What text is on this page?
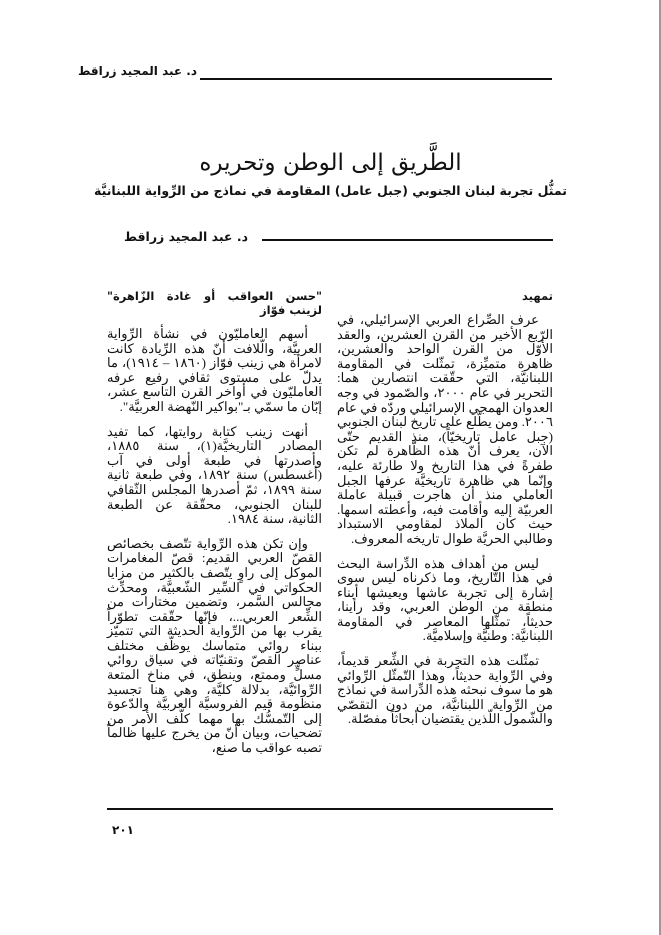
د. عبد المجيد زراقط
الطَّريق إلى الوطن وتحريره
تمثُّل تجربة لبنان الجنوبي (جبل عامل) المقاومة في نماذج من الرِّواية اللبنانيَّة
د. عبد المجيد زراقط
تمهيد

عرف الصِّراع العربي الإسرائيلي، في الرّبع الأخير من القرن العشرين، والعقد الأوّل من القرن الواحد والعشرين، ظاهرة متميِّزة، تمثّلت في المقاومة اللبنانيَّة، التي حقّقت انتصارين هما: التحرير في عام ٢٠٠٠، والصّمود في وجه العدوان الهمجي الإسرائيلي وردّه في عام ٢٠٠٦. ومن يطّلع على تاريخ لبنان الجنوبي (جبل عامل تاريخيّاً)، منذ القديم حتّى الآن، يعرف أنّ هذه الظّاهرة لم تكن طفرةً في هذا التاريخ ولا طارئة عليه، وإنّما هي ظاهرة تاريخيَّة عرفها الجبل العاملي منذ أن هاجرت قبيلة عاملة العربيّة إليه وأقامت فيه، وأعطته اسمها. حيث كان الملاذ لمقاومي الاستبداد وطالبي الحريَّة طوال تاريخه المعروف.

ليس من أهداف هذه الدِّراسة البحث في هذا التّاريخ، وما ذكرناه ليس سوى إشارة إلى تجربة عاشها ويعيشها أبناء منطقة من الوطن العربي، وقد رأينا، حديثاً، تمثّلها المعاصر في المقاومة اللبنانيَّة: وطنيَّة وإسلاميَّة.

تمثّلت هذه التجربة في الشِّعر قديماً، وفي الرِّواية حديثاً، وهذا التّمثّل الرِّوائي هو ما سوف نبحثه هذه الدِّراسة في نماذج من الرِّواية اللبنانيَّة، من دون التقصّي والشّمول اللّذين يقتضيان أبحاثاً مفصّلة.

"حسن العواقب أو غادة الزّاهرة" لزينب فوّاز

أسهم العامليّون في نشأة الرِّواية العربيَّة، والّلافت أنّ هذه الرِّيادة كانت لامرأة هي زينب فوّاز (١٨٦٠ – ١٩١٤)، ما يدلّ على مستوى ثقافي رفيع عرفه العامليّون في أواخر القرن التاسع عشر، إبّان ما سمّي بـ"بواكير النّهضة العربيَّة".

أنهت زينب كتابة روايتها، كما تفيد المصادر التاريخيَّة(١)، سنة ١٨٨٥، وأصدرتها في طبعة أولى في آب (أغسطس) سنة ١٨٩٢، وفي طبعة ثانية سنة ١٨٩٩، ثمّ أصدرها المجلس الثّقافي للبنان الجنوبي، محقّقة عن الطبعة الثانية، سنة ١٩٨٤.

وإن تكن هذه الرِّواية تتّصف بخصائص القصّ العربي القديم: قصّ المغامرات الموكل إلى راوٍ يتّصف بالكثير من مزايا الحكواتي في السِّير الشّعبيَّة، ومحدِّث مجالس السَّمر، وتضمين مختارات من الشِّعر العربي...، فإنّها حقّقت تطوّراً يقرب بها من الرِّواية الحديثة التي تتميّز ببناء روائي متماسك يوظّف مختلف عناصر القصّ وتقنيّاته في سياق روائي مسلٍّ وممتع، وينطق، في مناخ المتعة الرِّوائيَّة، بدلالة كليَّة، وهي هنا تجسيد منظومة قيم الفروسيَّة العربيَّة والدّعوة إلى التّمسُّك بها مهما كلّف الأمر من تضحيات، وبيان أنّ من يخرج عليها ظالماً تصبه عواقب ما صنع،

٢٠١
